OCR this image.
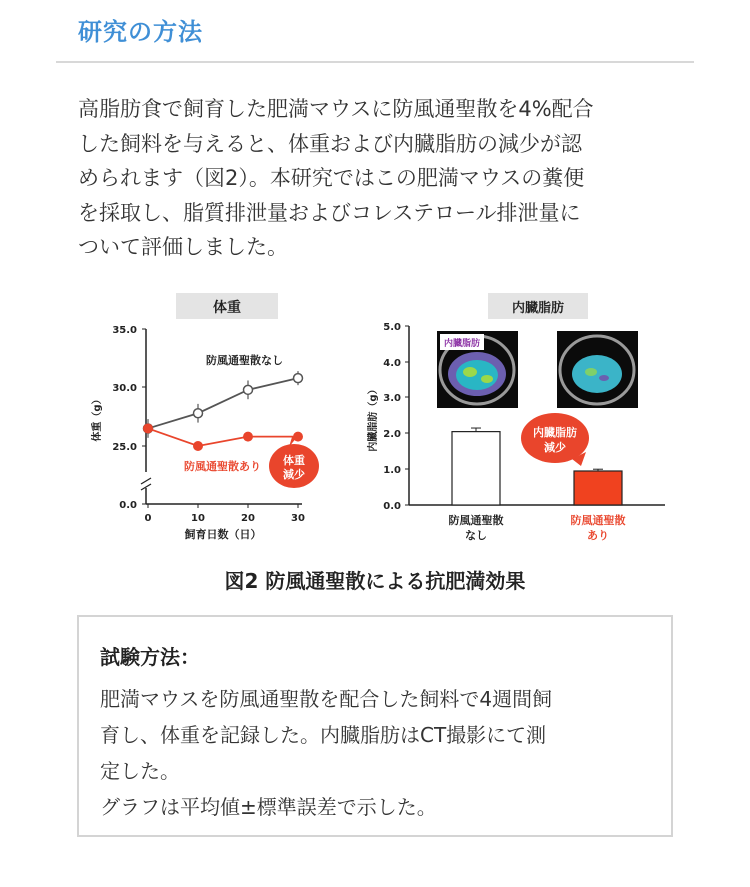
研究の方法

高脂肪食で飼育した肥満マウスに防風通聖散を4%配合
した飼料を与えると、体重および内臓脂肪の減少が認
められます（図2）。本研究ではこの肥満マウスの糞便
を採取し、脂質排泄量およびコレステロール排泄量に
ついて評価しました。

体重
体重（g）
飼育日数（日）
35.0
30.0
25.0
0.0
0	10	20	30
防風通聖散なし
防風通聖散あり 体重
減少
内臓脂肪
内臓脂肪（g）
5.0
4.0
3.0
2.0
1.0
0.0
内臓脂肪
防風通聖散
なし
防風通聖散
あり
内臓脂肪
減少
図2 防風通聖散による抗肥満効果
試験方法：

肥満マウスを防風通聖散を配合した飼料で4週間飼
育し、体重を記録した。内臓脂肪はCT撮影にて測
定した。
グラフは平均値±標準誤差で示した。
